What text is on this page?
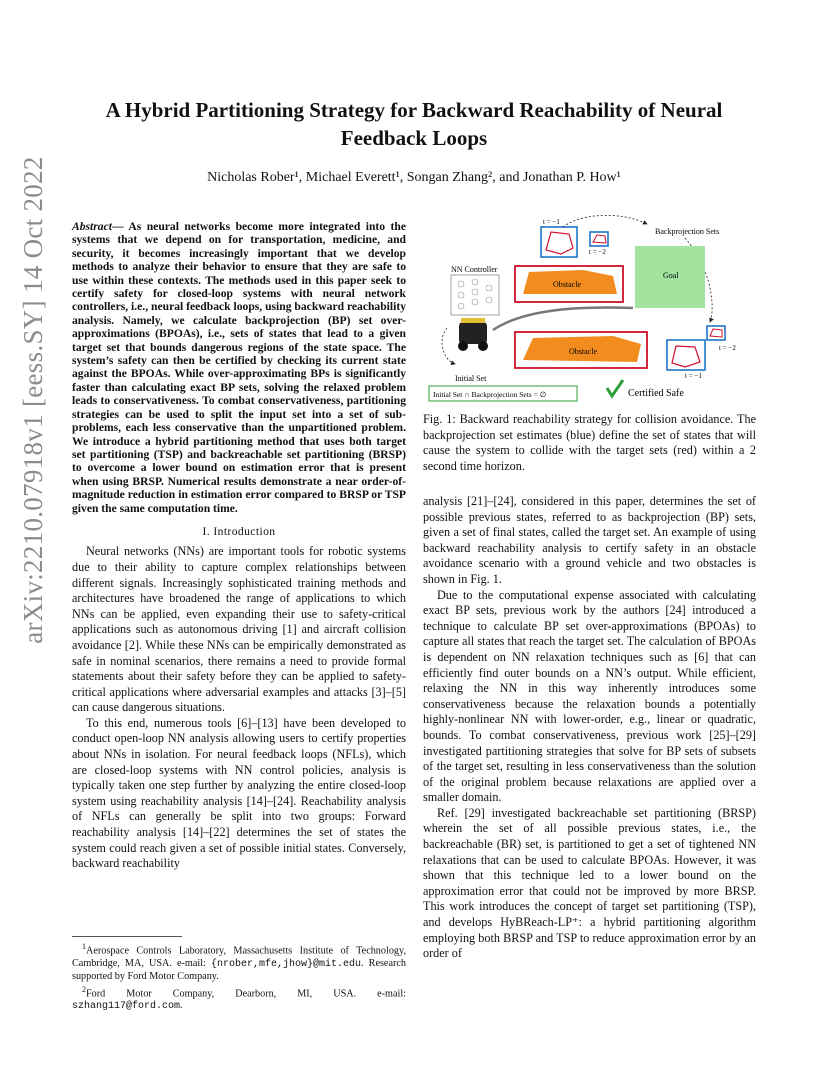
A Hybrid Partitioning Strategy for Backward Reachability of Neural Feedback Loops
Nicholas Rober¹, Michael Everett¹, Songan Zhang², and Jonathan P. How¹
arXiv:2210.07918v1 [eess.SY] 14 Oct 2022	Abstract— As neural networks become more integrated into the systems that we depend on for transportation, medicine, and security, it becomes increasingly important that we develop methods to analyze their behavior to ensure that they are safe to use within these contexts. The methods used in this paper seek to certify safety for closed-loop systems with neural network controllers, i.e., neural feedback loops, using backward reachability analysis. Namely, we calculate backprojection (BP) set over-approximations (BPOAs), i.e., sets of states that lead to a given target set that bounds dangerous regions of the state space. The system’s safety can then be certified by checking its current state against the BPOAs. While over-approximating BPs is significantly faster than calculating exact BP sets, solving the relaxed problem leads to conservativeness. To combat conservativeness, partitioning strategies can be used to split the input set into a set of sub-problems, each less conservative than the unpartitioned problem. We introduce a hybrid partitioning method that uses both target set partitioning (TSP) and backreachable set partitioning (BRSP) to overcome a lower bound on estimation error that is present when using BRSP. Numerical results demonstrate a near order-of-magnitude reduction in estimation error compared to BRSP or TSP given the same computation time.
I. Introduction

Neural networks (NNs) are important tools for robotic systems due to their ability to capture complex relationships between different signals. Increasingly sophisticated training methods and architectures have broadened the range of applications to which NNs can be applied, even expanding their use to safety-critical applications such as autonomous driving [1] and aircraft collision avoidance [2]. While these NNs can be empirically demonstrated as safe in nominal scenarios, there remains a need to provide formal statements about their safety before they can be applied to safety-critical applications where adversarial examples and attacks [3]–[5] can cause dangerous situations.

To this end, numerous tools [6]–[13] have been developed to conduct open-loop NN analysis allowing users to certify properties about NNs in isolation. For neural feedback loops (NFLs), which are closed-loop systems with NN control policies, analysis is typically taken one step further by analyzing the entire closed-loop system using reachability analysis [14]–[24]. Reachability analysis of NFLs can generally be split into two groups: Forward reachability analysis [14]–[22] determines the set of states the system could reach given a set of possible initial states. Conversely, backward reachability

$^1$Aerospace Controls Laboratory, Massachusetts Institute of Technology, Cambridge, MA, USA. e-mail: {nrober,mfe,jhow}@mit.edu. Research supported by Ford Motor Company.

$^2$Ford Motor Company, Dearborn, MI, USA. e-mail: szhang117@ford.com.

t = −1
t = −2
Backprojection Sets
NN Controller
Obstacle
Goal
Initial Set
Obstacle	t = −2
t = −1
Initial Set ∩ Backprojection Sets = ∅	Certified Safe
Fig. 1: Backward reachability strategy for collision avoidance. The backprojection set estimates (blue) define the set of states that will cause the system to collide with the target sets (red) within a 2 second time horizon.

analysis [21]–[24], considered in this paper, determines the set of possible previous states, referred to as backprojection (BP) sets, given a set of final states, called the target set. An example of using backward reachability analysis to certify safety in an obstacle avoidance scenario with a ground vehicle and two obstacles is shown in Fig. 1.

Due to the computational expense associated with calculating exact BP sets, previous work by the authors [24] introduced a technique to calculate BP set over-approximations (BPOAs) to capture all states that reach the target set. The calculation of BPOAs is dependent on NN relaxation techniques such as [6] that can efficiently find outer bounds on a NN’s output. While efficient, relaxing the NN in this way inherently introduces some conservativeness because the relaxation bounds a potentially highly-nonlinear NN with lower-order, e.g., linear or quadratic, bounds. To combat conservativeness, previous work [25]–[29] investigated partitioning strategies that solve for BP sets of subsets of the target set, resulting in less conservativeness than the solution of the original problem because relaxations are applied over a smaller domain.

Ref. [29] investigated backreachable set partitioning (BRSP) wherein the set of all possible previous states, i.e., the backreachable (BR) set, is partitioned to get a set of tightened NN relaxations that can be used to calculate BPOAs. However, it was shown that this technique led to a lower bound on the approximation error that could not be improved by more BRSP. This work introduces the concept of target set partitioning (TSP), and develops HyBReach-LP⁺: a hybrid partitioning algorithm employing both BRSP and TSP to reduce approximation error by an order of
